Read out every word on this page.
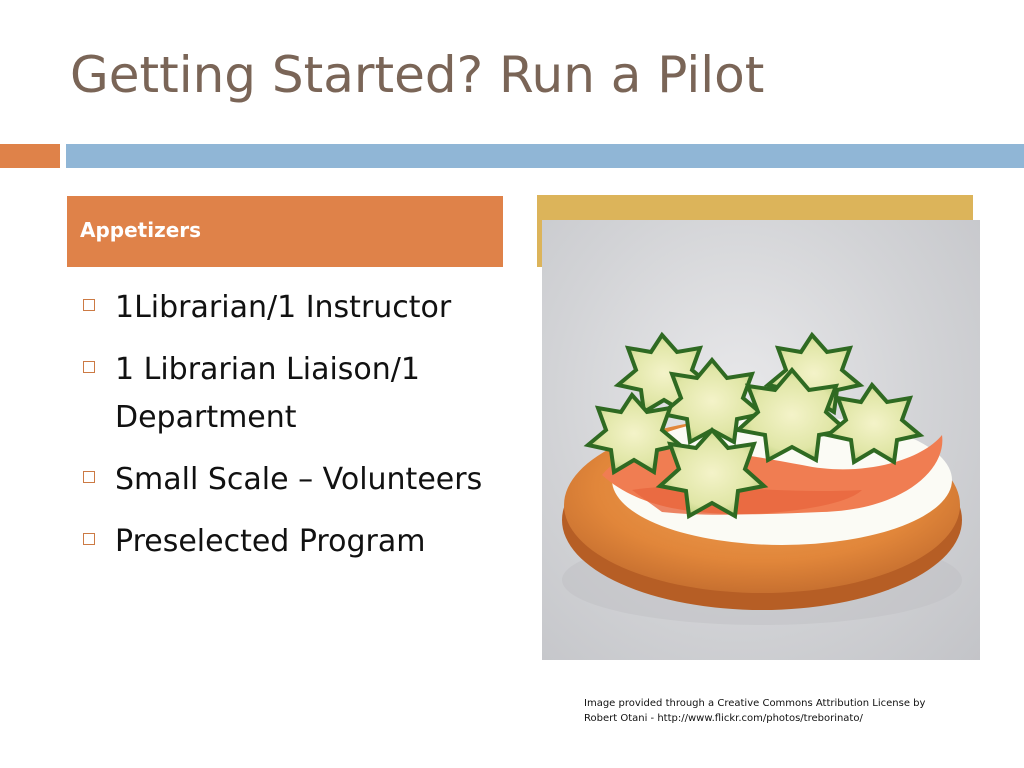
Getting Started? Run a Pilot
Appetizers
1Librarian/1 Instructor
1 Librarian Liaison/1 Department
Small Scale – Volunteers
Preselected Program
Image provided through a Creative Commons Attribution License by
Robert Otani - http://www.flickr.com/photos/treborinato/
